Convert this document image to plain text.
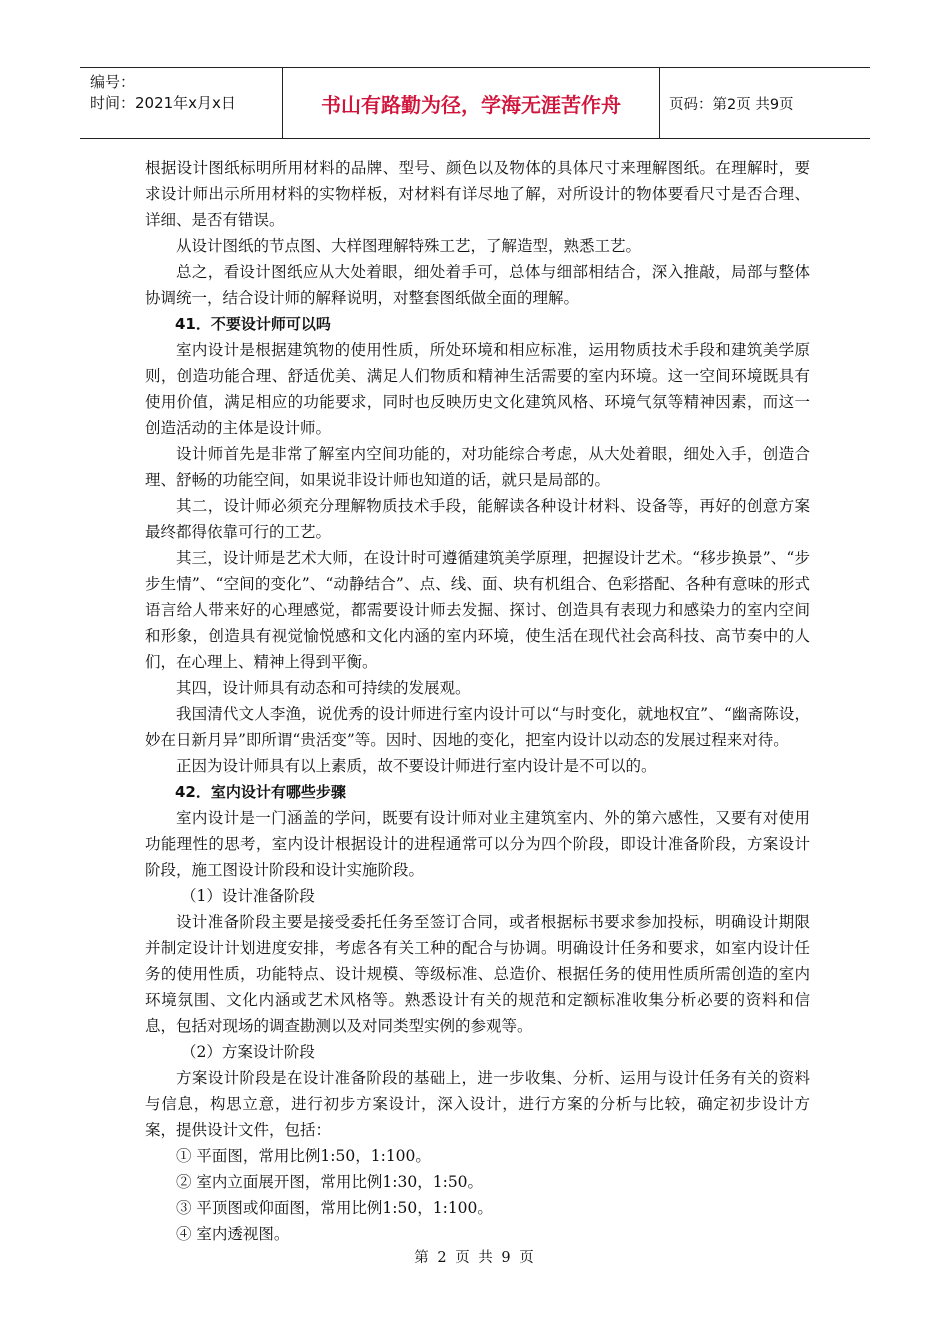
编号：
时间：2021年x月x日	书山有路勤为径，学海无涯苦作舟	页码：第2页 共9页

根据设计图纸标明所用材料的品牌、型号、颜色以及物体的具体尺寸来理解图纸。在理解时，要求设计师出示所用材料的实物样板，对材料有详尽地了解，对所设计的物体要看尺寸是否合理、详细、是否有错误。

从设计图纸的节点图、大样图理解特殊工艺，了解造型，熟悉工艺。

总之，看设计图纸应从大处着眼，细处着手可，总体与细部相结合，深入推敲，局部与整体协调统一，结合设计师的解释说明，对整套图纸做全面的理解。

41．不要设计师可以吗

室内设计是根据建筑物的使用性质，所处环境和相应标准，运用物质技术手段和建筑美学原则，创造功能合理、舒适优美、满足人们物质和精神生活需要的室内环境。这一空间环境既具有使用价值，满足相应的功能要求，同时也反映历史文化建筑风格、环境气氛等精神因素，而这一创造活动的主体是设计师。

设计师首先是非常了解室内空间功能的，对功能综合考虑，从大处着眼，细处入手，创造合理、舒畅的功能空间，如果说非设计师也知道的话，就只是局部的。

其二，设计师必须充分理解物质技术手段，能解读各种设计材料、设备等，再好的创意方案最终都得依靠可行的工艺。

其三，设计师是艺术大师，在设计时可遵循建筑美学原理，把握设计艺术。“移步换景”、“步步生情”、“空间的变化”、“动静结合”、点、线、面、块有机组合、色彩搭配、各种有意味的形式语言给人带来好的心理感觉，都需要设计师去发掘、探讨、创造具有表现力和感染力的室内空间和形象，创造具有视觉愉悦感和文化内涵的室内环境，使生活在现代社会高科技、高节奏中的人们，在心理上、精神上得到平衡。

其四，设计师具有动态和可持续的发展观。

我国清代文人李渔，说优秀的设计师进行室内设计可以“与时变化，就地权宜”、“幽斋陈设，妙在日新月异”即所谓“贵活变”等。因时、因地的变化，把室内设计以动态的发展过程来对待。

正因为设计师具有以上素质，故不要设计师进行室内设计是不可以的。

42．室内设计有哪些步骤

室内设计是一门涵盖的学问，既要有设计师对业主建筑室内、外的第六感性，又要有对使用功能理性的思考，室内设计根据设计的进程通常可以分为四个阶段，即设计准备阶段，方案设计阶段，施工图设计阶段和设计实施阶段。

（1）设计准备阶段

设计准备阶段主要是接受委托任务至签订合同，或者根据标书要求参加投标，明确设计期限并制定设计计划进度安排，考虑各有关工种的配合与协调。明确设计任务和要求，如室内设计任务的使用性质，功能特点、设计规模、等级标准、总造价、根据任务的使用性质所需创造的室内环境氛围、文化内涵或艺术风格等。熟悉设计有关的规范和定额标准收集分析必要的资料和信息，包括对现场的调查勘测以及对同类型实例的参观等。

（2）方案设计阶段

方案设计阶段是在设计准备阶段的基础上，进一步收集、分析、运用与设计任务有关的资料与信息，构思立意，进行初步方案设计，深入设计，进行方案的分析与比较，确定初步设计方案，提供设计文件，包括：

① 平面图，常用比例1:50，1:100。

② 室内立面展开图，常用比例1:30，1:50。

③ 平顶图或仰面图，常用比例1:50，1:100。

④ 室内透视图。

第 2 页 共 9 页
